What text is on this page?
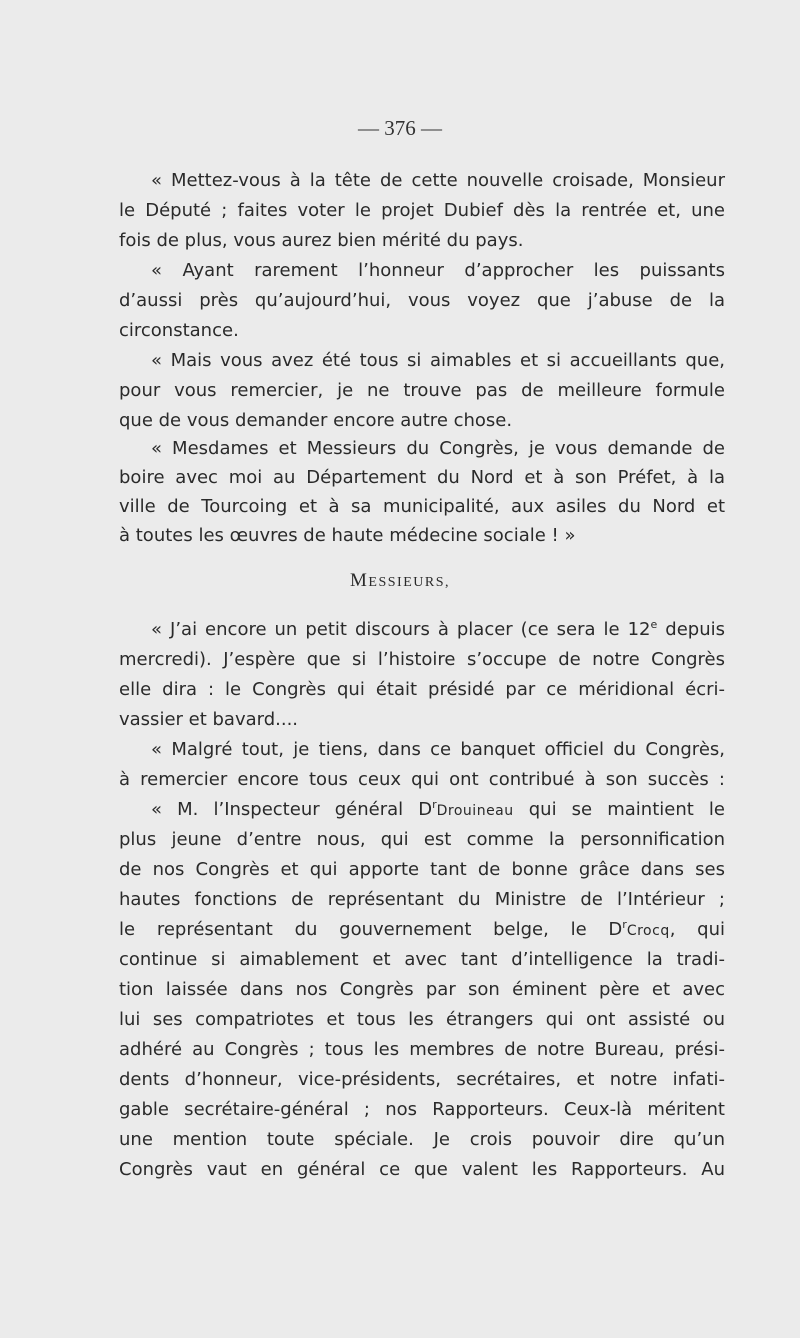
— 376 —
« Mettez-vous à la tête de cette nouvelle croisade, Monsieur
le Député ; faites voter le projet Dubief dès la rentrée et, une
fois de plus, vous aurez bien mérité du pays.
« Ayant rarement l’honneur d’approcher les puissants
d’aussi près qu’aujourd’hui, vous voyez que j’abuse de la
circonstance.
« Mais vous avez été tous si aimables et si accueillants que,
pour vous remercier, je ne trouve pas de meilleure formule
que de vous demander encore autre chose.
« Mesdames et Messieurs du Congrès, je vous demande de
boire avec moi au Département du Nord et à son Préfet, à la
ville de Tourcoing et à sa municipalité, aux asiles du Nord et
à toutes les œuvres de haute médecine sociale ! »
MESSIEURS,
« J’ai encore un petit discours à placer (ce sera le 12e depuis
mercredi). J’espère que si l’histoire s’occupe de notre Congrès
elle dira : le Congrès qui était présidé par ce méridional écri-
vassier et bavard....
« Malgré tout, je tiens, dans ce banquet officiel du Congrès,
à remercier encore tous ceux qui ont contribué à son succès :
« M. l’Inspecteur général $D^rDrouineau$ qui se maintient le
plus jeune d’entre nous, qui est comme la personnification
de nos Congrès et qui apporte tant de bonne grâce dans ses
hautes fonctions de représentant du Ministre de l’Intérieur ;
le représentant du gouvernement belge, le $D^rCrocq$, qui
continue si aimablement et avec tant d’intelligence la tradi-
tion laissée dans nos Congrès par son éminent père et avec
lui ses compatriotes et tous les étrangers qui ont assisté ou
adhéré au Congrès ; tous les membres de notre Bureau, prési-
dents d’honneur, vice-présidents, secrétaires, et notre infati-
gable secrétaire-général ; nos Rapporteurs. Ceux-là méritent
une mention toute spéciale. Je crois pouvoir dire qu’un
Congrès vaut en général ce que valent les Rapporteurs. Au
